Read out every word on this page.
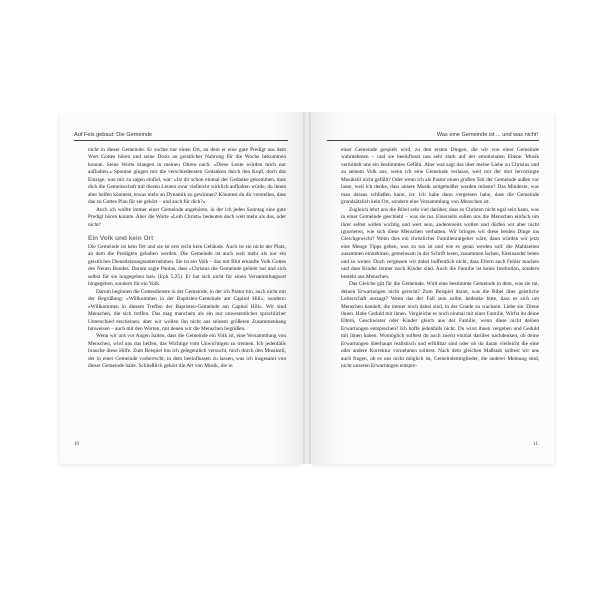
Auf Fels gebaut: Die Gemeinde

nicht in dieser Gemeinde. Er suchte nur einen Ort, an dem er eine gute Predigt aus dem Wort Gottes hören und seine Dosis an geistlicher Nahrung für die Woche bekommen konnte. Seine Worte klangen in meinen Ohren nach: »Diese Leute würden mich nur aufhalten.« Spontan gingen mir die verschiedensten Gedanken durch den Kopf, doch das Einzige, was mir zu sagen einfiel, war: »Ist dir schon einmal der Gedanke gekommen, dass dich die Gemeinschaft mit diesen Leuten zwar vielleicht wirklich aufhalten würde, du ihnen aber helfen könntest, etwas mehr an Dynamik zu gewinnen? Könntest du dir vorstellen, dass das zu Gottes Plan für sie gehört – und auch für dich?«

Auch ich wollte immer einer Gemeinde angehören, in der ich jeden Sonntag eine gute Predigt hören konnte. Aber die Worte »Leib Christi« bedeuten doch weit mehr als das, oder nicht?

Ein Volk und kein Ort

Die Gemeinde ist kein Ort und sie ist erst recht kein Gebäude. Auch ist sie nicht der Platz, an dem die Predigten gehalten werden. Die Gemeinde ist auch weit mehr als nur ein geistliches Dienstleistungsunternehmen. Sie ist ein Volk – das mit Blut erkaufte Volk Gottes des Neuen Bundes. Darum sagte Paulus, dass »Christus die Gemeinde geliebt hat und sich selbst für sie hingegeben hat« (Eph 5,25). Er hat sich nicht für einen Versammlungsort hingegeben, sondern für ein Volk.

Darum beginnen die Gottesdienste in der Gemeinde, in der ich Pastor bin, auch nicht mit der Begrüßung: »Willkommen in der Baptisten-Gemeinde am Capitol Hill«, sondern: »Willkommen in diesem Treffen der Baptisten-Gemeinde am Capitol Hill«. Wir sind Menschen, die sich treffen. Das mag manchem als ein nur unwesentlicher sprachlicher Unterschied erscheinen, aber wir wollen ihn nicht aus seinem größeren Zusammenhang hinweisen – auch mit den Worten, mit denen wir die Menschen begrüßen.

Wenn wir uns vor Augen halten, dass die Gemeinde ein Volk ist, eine Versammlung von Menschen, wird uns das helfen, das Wichtige vom Unwichtigen zu trennen. Ich jedenfalls brauche diese Hilfe. Zum Beispiel bin ich gelegentlich versucht, mich durch den Musikstil, der in einer Gemeinde vorherrscht, in dem beeinflussen zu lassen, was ich insgesamt von dieser Gemeinde halte. Schließlich gehört die Art von Musik, die in

10
Was eine Gemeinde ist ... und was nicht!

einer Gemeinde gespielt wird, zu den ersten Dingen, die wir von einer Gemeinde wahrnehmen – und sie beeinflusst uns sehr stark auf der emotionalen Ebene. Musik vermittelt uns ein bestimmtes Gefühl. Aber was sagt das über meine Liebe zu Christus und zu seinem Volk aus, wenn ich eine Gemeinde verlasse, weil mir der dort bevorzugte Musikstil nicht gefällt? Oder wenn ich als Pastor einen großen Teil der Gemeinde außen vor lasse, weil ich denke, dass unsere Musik zeitgemäßer werden müsste? Das Mindeste, was man daraus schließen kann, ist: Ich habe dann vergessen habe, dass die Gemeinde grundsätzlich kein Ort, sondern eine Versammlung von Menschen ist.

Zugleich lehrt uns die Bibel sehr viel darüber, dass es Christen nicht egal sein kann, was in einer Gemeinde geschieht – was sie tut. Einerseits sollen uns die Menschen einfach um ihrer selbst willen wichtig und wert sein, andererseits wollen und dürfen wir aber nicht ignorieren, wie sich diese Menschen verhalten. Wir bringen wir diese beiden Dinge ins Gleichgewicht? Wenn dies ein christlicher Familienratgeber wäre, dann würden wir jetzt eine Menge Tipps geben, was zu tun ist und wie es getan werden soll: die Mahlzeiten zusammen einnehmen, gemeinsam in der Schrift lesen, zusammen lachen, füreinander beten und so weiter. Doch vergessen wir dabei hoffentlich nicht, dass Eltern auch Fehler machen und dass Kinder immer noch Kinder sind. Auch die Familie ist keine Institution, sondern besteht aus Menschen.

Das Gleiche gilt für die Gemeinde. Wird eine bestimmte Gemeinde in dem, was sie tut, deinen Erwartungen nicht gerecht? Zum Beispiel daran, was die Bibel über geistliche Leiterschaft aussagt? Wenn das der Fall sein sollte, bedenke bitte, dass es sich um Menschen handelt, die immer noch dabei sind, in der Gnade zu wachsen. Liebe sie. Diene ihnen. Habe Geduld mit ihnen. Vergleiche es noch einmal mit einer Familie. Wirfst du deine Eltern, Geschwister oder Kinder gleich aus der Familie, wenn diese nicht deinen Erwartungen entsprechen? Ich hoffe jedenfalls nicht. Du wirst ihnen vergeben und Geduld mit ihnen haben. Womöglich solltest du auch zuerst einmal darüber nachdenken, ob deine Erwartungen überhaupt realistisch und erfüllbar sind oder ob du daran vielleicht die eine oder andere Korrektur vornehmen solltest. Nach dem gleichen Maßstab solltest wir uns auch fragen, ob es uns nicht möglich ist, Gemeindemitglieder, die anderer Meinung sind, nicht unseren Erwartungen entspre-

11
